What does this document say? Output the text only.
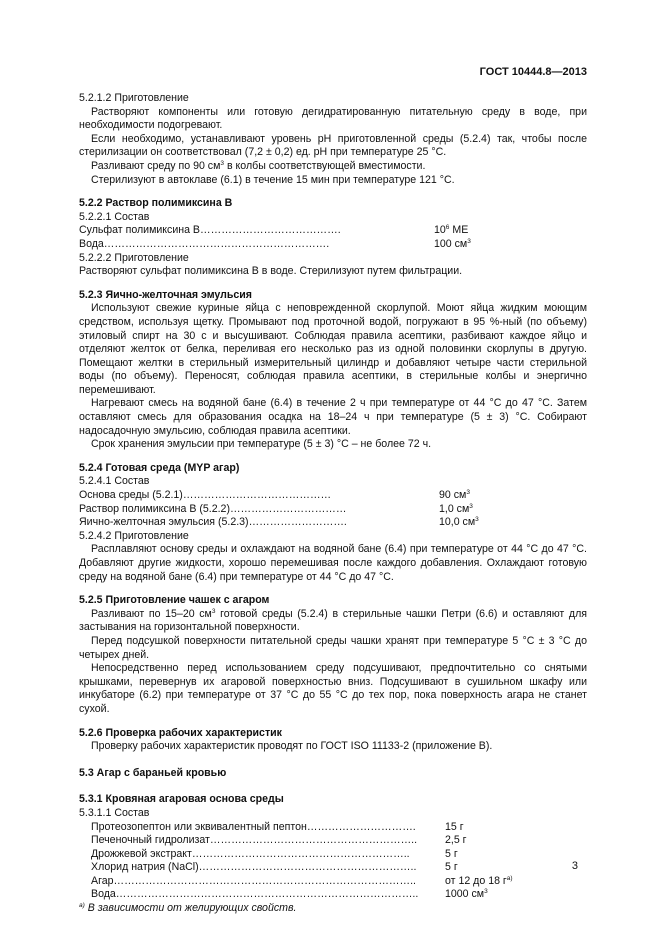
ГОСТ 10444.8—2013

5.2.1.2 Приготовление

Растворяют компоненты или готовую дегидратированную питательную среду в воде, при необходимости подогревают.

Если необходимо, устанавливают уровень рН приготовленной среды (5.2.4) так, чтобы после стерилизации он соответствовал (7,2 ± 0,2) ед. рН при температуре 25 °С.

Разливают среду по 90 $см^3$ в колбы соответствующей вместимости.

Стерилизуют в автоклаве (6.1) в течение 15 мин при температуре 121 °С.

5.2.2 Раствор полимиксина В

5.2.2.1 Состав

Сульфат полимиксина В………………………………….	$10^6$ МЕ
Вода……………………………………………………….	100 $см^3$

5.2.2.2 Приготовление

Растворяют сульфат полимиксина В в воде. Стерилизуют путем фильтрации.

5.2.3 Яично-желточная эмульсия

Используют свежие куриные яйца с неповрежденной скорлупой. Моют яйца жидким моющим средством, используя щетку. Промывают под проточной водой, погружают в 95 %-ный (по объему) этиловый спирт на 30 с и высушивают. Соблюдая правила асептики, разбивают каждое яйцо и отделяют желток от белка, переливая его несколько раз из одной половинки скорлупы в другую. Помещают желтки в стерильный измерительный цилиндр и добавляют четыре части стерильной воды (по объему). Переносят, соблюдая правила асептики, в стерильные колбы и энергично перемешивают.

Нагревают смесь на водяной бане (6.4) в течение 2 ч при температуре от 44 °С до 47 °С. Затем оставляют смесь для образования осадка на 18–24 ч при температуре (5 ± 3) °С. Собирают надосадочную эмульсию, соблюдая правила асептики.

Срок хранения эмульсии при температуре (5 ± 3) °С – не более 72 ч.

5.2.4 Готовая среда (MYP агар)

5.2.4.1 Состав

Основа среды (5.2.1)……………………………………	90 $см^3$
Раствор полимиксина В (5.2.2)……………………………	1,0 $см^3$
Яично-желточная эмульсия (5.2.3)……………………….	10,0 $см^3$

5.2.4.2 Приготовление

Расплавляют основу среды и охлаждают на водяной бане (6.4) при температуре от 44 °С до 47 °С. Добавляют другие жидкости, хорошо перемешивая после каждого добавления. Охлаждают готовую среду на водяной бане (6.4) при температуре от 44 °С до 47 °С.

5.2.5 Приготовление чашек с агаром

Разливают по 15–20 $см^3$ готовой среды (5.2.4) в стерильные чашки Петри (6.6) и оставляют для застывания на горизонтальной поверхности.

Перед подсушкой поверхности питательной среды чашки хранят при температуре 5 °С ± 3 °С до четырех дней.

Непосредственно перед использованием среду подсушивают, предпочтительно со снятыми крышками, перевернув их агаровой поверхностью вниз. Подсушивают в сушильном шкафу или инкубаторе (6.2) при температуре от 37 °С до 55 °С до тех пор, пока поверхность агара не станет сухой.

5.2.6 Проверка рабочих характеристик

Проверку рабочих характеристик проводят по ГОСТ ISO 11133-2 (приложение В).

5.3 Агар с бараньей кровью

5.3.1 Кровяная агаровая основа среды

5.3.1.1 Состав

Протеозопептон или эквивалентный пептон………………………….	15 г
Печеночный гидролизат…………………………………………………..	2,5 г
Дрожжевой экстракт……………………………………………………..	5 г
Хлорид натрия (NaCl)……………………………………………………..	5 г
Агар…………………………………………………………………………..	от 12 до 18 $г^{а)}$
Вода…………………………………………………………………………..	1000 $см^3$

$^{а)}$ В зависимости от желирующих свойств.

3
